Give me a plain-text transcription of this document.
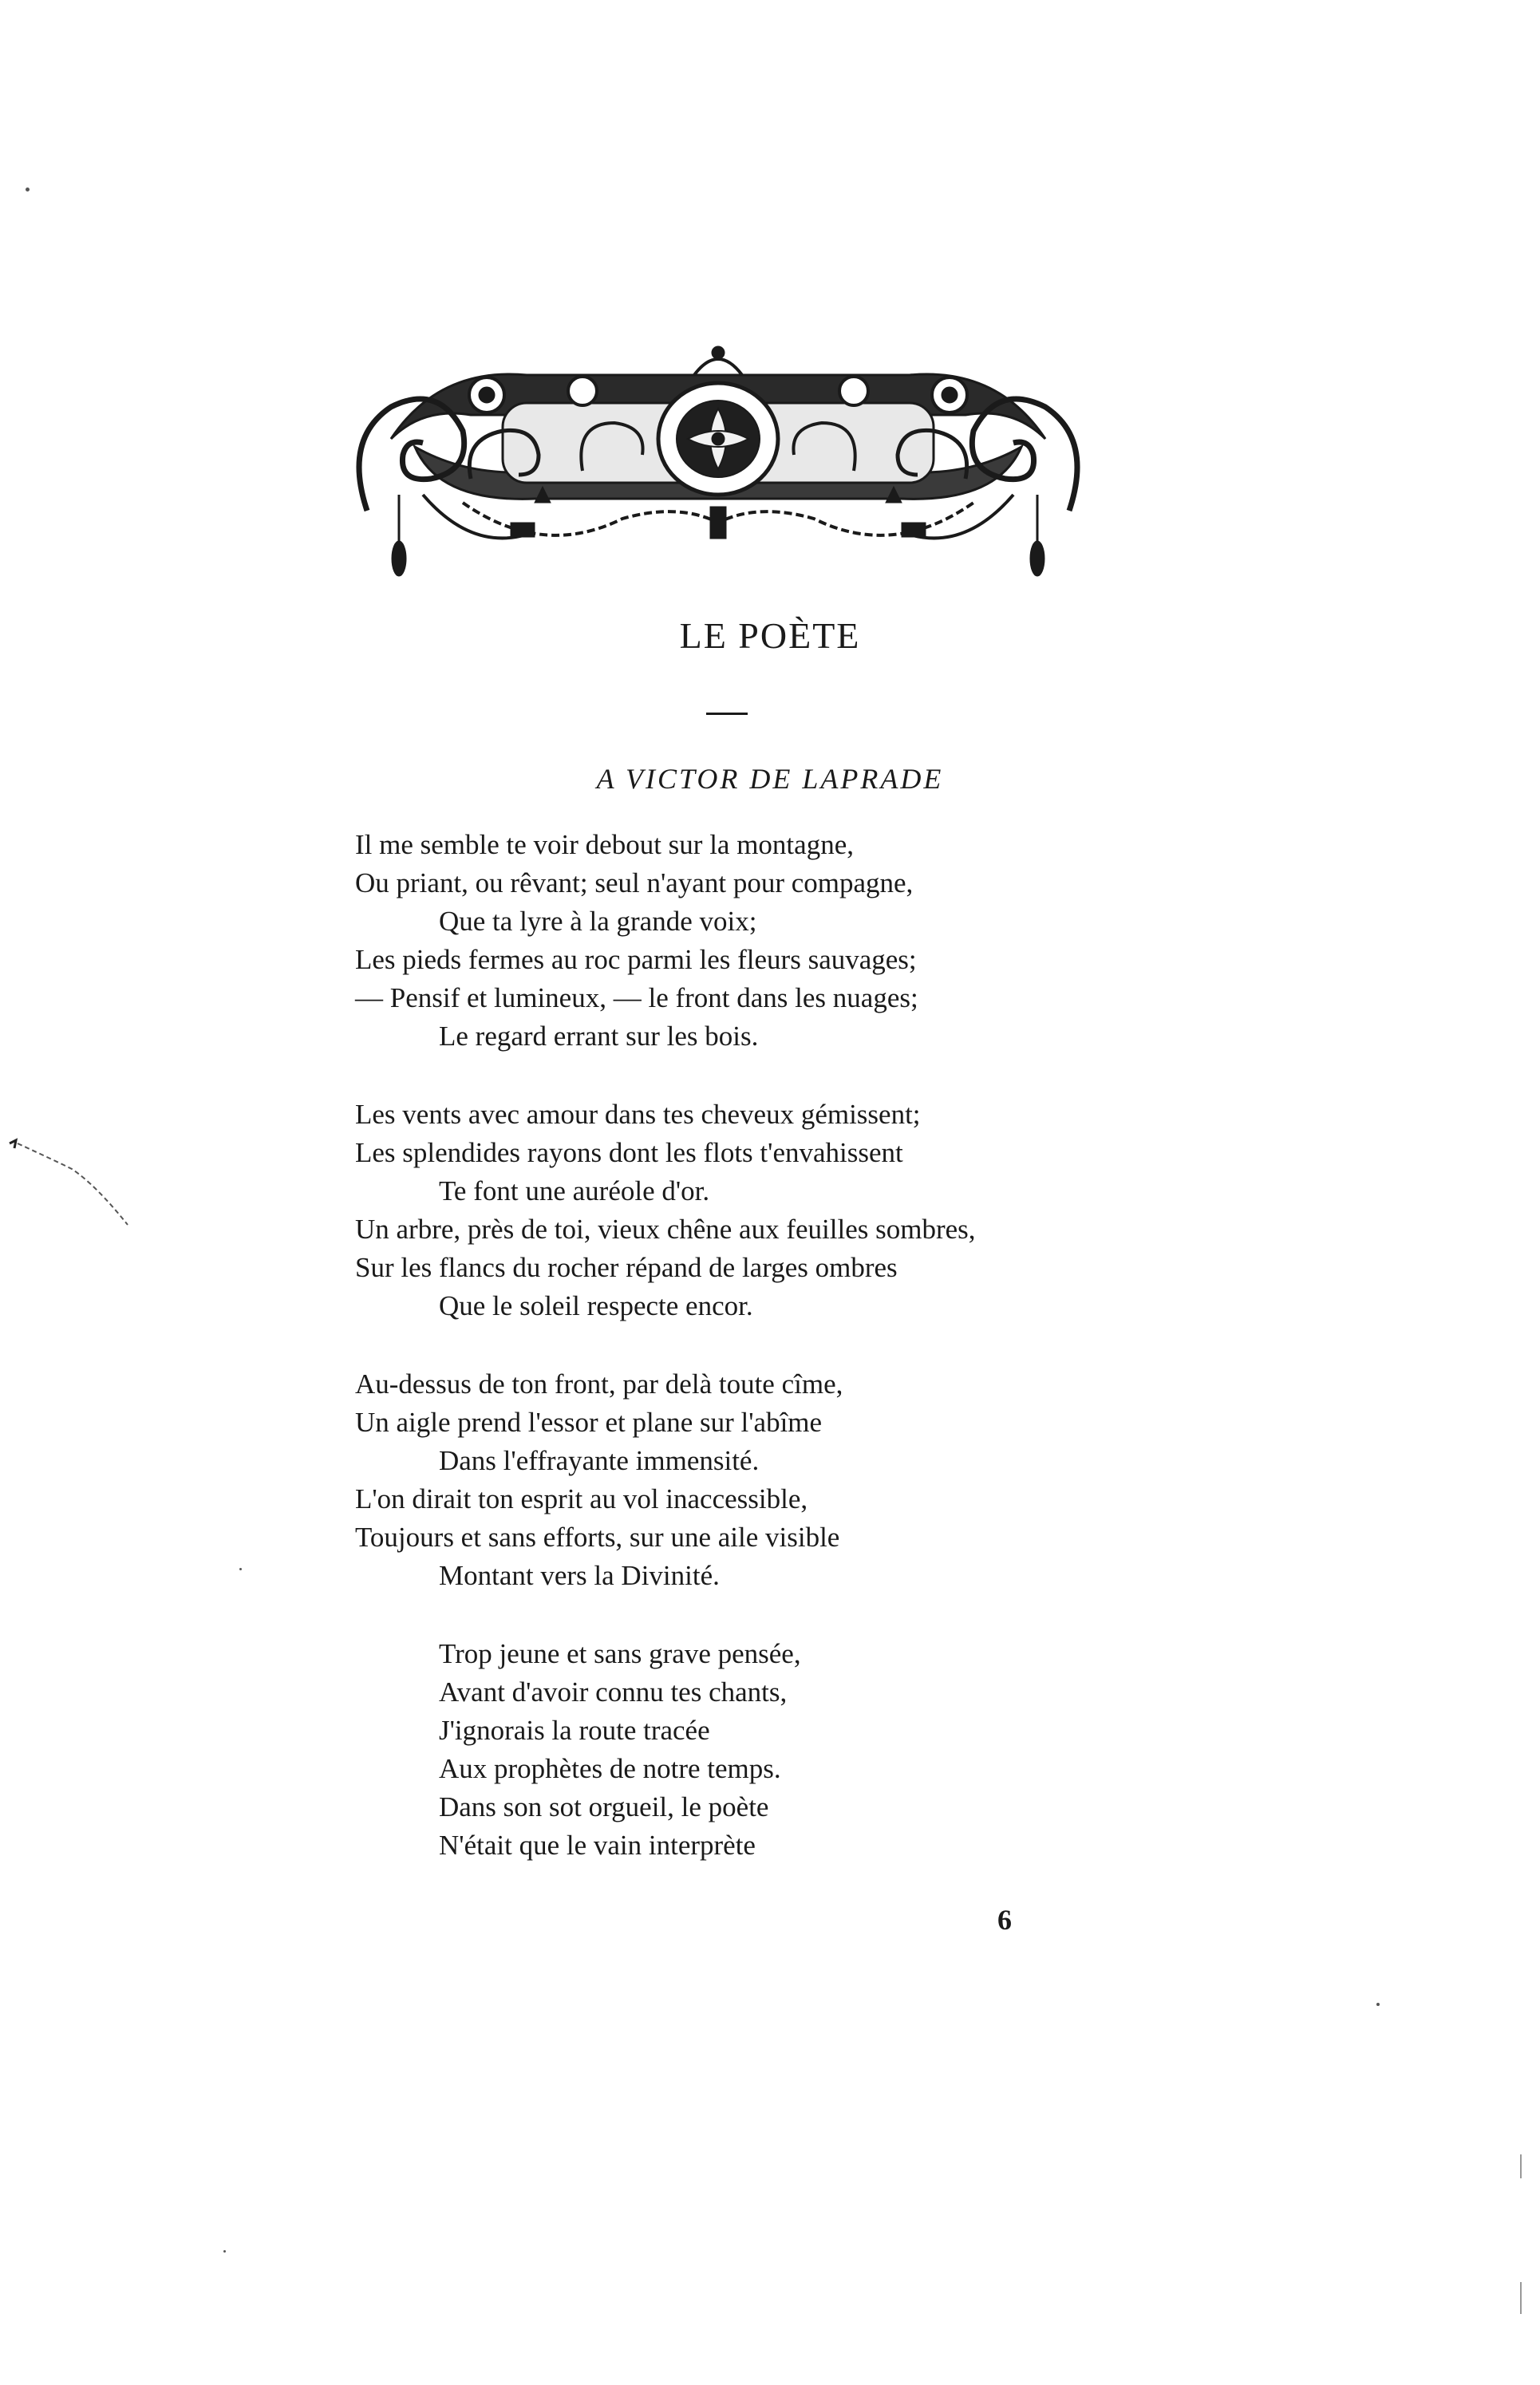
LE POÈTE
A VICTOR DE LAPRADE
Il me semble te voir debout sur la montagne,
Ou priant, ou rêvant; seul n'ayant pour compagne,
Que ta lyre à la grande voix;
Les pieds fermes au roc parmi les fleurs sauvages;
— Pensif et lumineux, — le front dans les nuages;
Le regard errant sur les bois.
Les vents avec amour dans tes cheveux gémissent;
Les splendides rayons dont les flots t'envahissent
Te font une auréole d'or.
Un arbre, près de toi, vieux chêne aux feuilles sombres,
Sur les flancs du rocher répand de larges ombres
Que le soleil respecte encor.
Au-dessus de ton front, par delà toute cîme,
Un aigle prend l'essor et plane sur l'abîme
Dans l'effrayante immensité.
L'on dirait ton esprit au vol inaccessible,
Toujours et sans efforts, sur une aile visible
Montant vers la Divinité.
Trop jeune et sans grave pensée,
Avant d'avoir connu tes chants,
J'ignorais la route tracée
Aux prophètes de notre temps.
Dans son sot orgueil, le poète
N'était que le vain interprète
6
